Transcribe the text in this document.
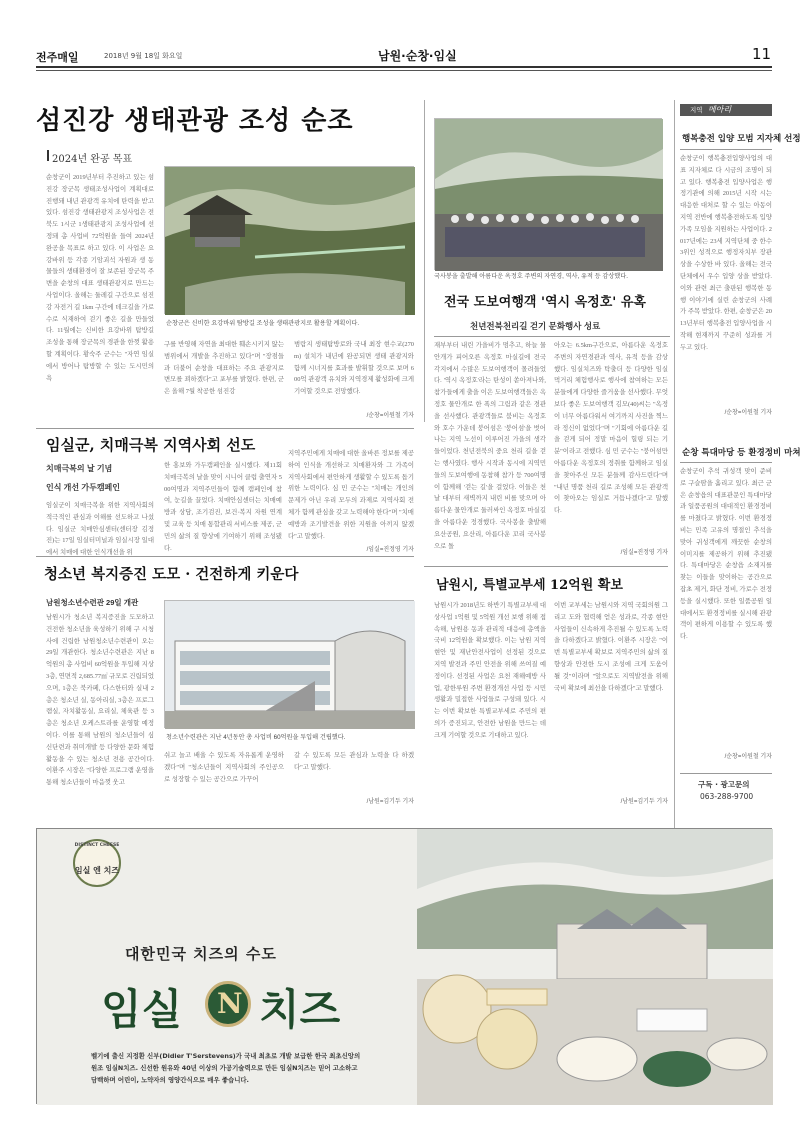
전주매일	2018년 9월 18일 화요일	남원·순창·임실	11
섬진강 생태관광 조성 순조
2024년 완공 목표
순창군이 2019년부터 추진하고 있는 섬진강 장군목 생태조성사업이 계획대로 진행돼 내년 관광객 유치에 탄력을 받고 있다. 섬진강 생태관광지 조성사업은 전북도 1시군 1생태관광지 조성사업에 선정돼 총 사업비 72억원을 들여 2024년 완공을 목표로 하고 있다. 이 사업은 요강바위 등 각종 기암괴석 자원과 생 동물들의 생태환경이 잘 보존된 장군목 주변을 순창의 대표 생태관광지로 만드는 사업이다. 올해는 둘레길 구간으로 섬진강 자전거 길 1km 구간에 데크길을 가로수로 식재하여 걷기 좋은 길을 만들었다. 11월에는 신비한 요강바위 탐방길 조성을 통해 장군목의 경관을 한껏 활용할 계획이다. 황숙주 군수는 "자연 임실에서 방어나 탐방할 수 있는 도시민의 욕
순창군은 신비한 요강바위 탐방길 조성을 생태관광지로 활용할 계획이다.
구를 반영해 자연을 최대한 훼손시키지 않는 범위에서 개발을 추진하고 있다"며 "장점들과 더불어 순창을 대표하는 주요 관광지로 변모를 꾀하겠다"고 포부를 밝혔다. 한편, 군은 올해 7월 착공한 섬진강
범람지 생태탐방로와 국내 최장 현수교(270m) 설치가 내년에 완공되면 생태 관광지와 함께 시너지를 효과를 발휘할 것으로 보며 600억 관광객 유치와 지역경제 활성화에 크게 기여할 것으로 전망했다.
/순창=이원철 기자
국사봉을 출발해 아름다운 옥정호 주변의 자연경, 역사, 유적 등 감상했다.
전국 도보여행객 '역시 옥정호' 유혹
천년전북천리길 걷기 문화행사 성료
재부부터 내린 가을비가 멈추고, 하늘 물안개가 피어오른 옥정호 마실길에 전국 각지에서 수많은 도보여행객이 몰려들었다. '역시 옥정호'라는 탄성이 쏟아져나와, 참가들에게 출을 이은 도보여행객들은 옥정호 물안개로 한 폭의 그림과 같은 경관을 선사했다. 관광객들로 붐비는 옥정호와 호수 가운데 붕어섬은 '붕어섬'을 벗어나는 지역 노선이 이루어진 가을의 생각들이었다. 천년전북의 중요 천리 길을 걷는 행사였다. 행사 시작과 동시에 지역민들의 도보여행에 동참해 참가 등 700여명이 함께해 '걷는 길'을 걸었다. 이들은 천 날 대부터 새벽까지 내린 비를 맞으며 아름다운 물안개로 둘러싸인 옥정호 마실길을 아름다운 정경했다. 국사봉을 출발해 요산공원, 요산리, 아름다운 꼬리 국사봉으로 돌
아오는 6.5km구간으로, 아름다운 옥정호 주변의 자연경관과 역사, 유적 등을 감상했다. 임실치즈와 탁출더 등 다양한 임실 먹거리 체험행사로 행사에 참여하는 모든 분들에게 다양한 즐거움을 선사했다. 무엇보다 좋은 도보여행객 김모(40)씨는 "옥정이 너무 아름다워서 여기까지 사진을 찍느라 정신이 없었다"며 "기회에 아름다운 길을 걷게 되어 정말 마음이 힐링 되는 기분"이라고 전했다. 심 민 군수는 "붕어섬만 아름다운 옥정호의 정취를 함께하고 임실을 찾아주신 모든 분들께 감사드린다"며 "내년 명품 천리 길로 조성해 모든 관광객이 찾아오는 임실로 거듭나겠다"고 말했다.
/임실=진정영 기자
지역 메아리
행복충전 입양 모범 지자체 선정
순창군이 행복충전입양사업의 대표 지자체로 다 시금의 조명이 되고 있다. 행복충전 입양사업은 행정기관에 의해 2015년 시작 시는 대응한 대처로 할 수 있는 아동이 지역 전반에 행복충전하도록 입양 가족 모임을 지원하는 사업이다. 2017년에는 23세 지역단체 중 한수 3위인 성적으로 행정자치부 장관상을 수상한 바 있다. 올해는 전국 단체에서 우수 입양 상을 받았다. 이와 관련 최근 출판된 행복한 동행 이야기에 실린 순창군의 사례가 주목 받았다. 한편, 순창군은 2013년부터 행복충전 입양사업을 시작해 현재까지 꾸준히 성과를 거두고 있다.
/순창=이원철 기자
순창 특대마당 등 환경정비 마쳐
순창군이 추석 귀성객 맞이 준비로 구슬땀을 흘리고 있다. 최근 군은 순창읍의 대표관문인 특대마당과 일품공원의 대대적인 환경정비를 마쳤다고 밝혔다. 이번 환경정비는 민족 고유의 명절인 추석을 맞아 귀성객에게 깨끗한 순창의 이미지를 제공하기 위해 추진됐다. 특대마당은 순창읍 소재지를 찾는 이들을 맞이하는 공간으로 잡초 제거, 화단 정비, 가로수 전정 등을 실시했다. 또한 일품공원 일대에서도 환경정비를 실시해 관광객이 편하게 이용할 수 있도록 했다.
/순창=이원철 기자
구독 · 광고문의
063-288-9700
임실군, 치매극복 지역사회 선도
치매극복의 날 기념
인식 개선 가두캠페인
임실군이 치매극복을 위한 지역사회의 적극적인 관심과 이해를 선도하고 나섰다. 임실군 치매안심센터(센터장 김정진)는 17일 임실터미널과 임실시장 일대에서 치매에 대한 인식개선을 위
한 홍보와 가두캠페인을 실시했다. 제11회 치매극복의 날을 맞이 시니어 클럽 출연자 500여명과 지역주민들이 함께 캠페인에 참여, 눈길을 끌었다. 치매안심센터는 치매예방과 상담, 조기검진, 보건·복지 자원 연계 및 교육 등 치매 통합관리 서비스를 제공, 군민의 삶의 질 향상에 기여하기 위해 조성됐다.
지역주민에게 치매에 대한 올바른 정보를 제공하여 인식을 개선하고 치매환자와 그 가족이 지역사회에서 편안하게 생활할 수 있도록 돕기 위한 노력이다. 심 민 군수는 "치매는 개인의 문제가 아닌 우리 모두의 과제로 지역사회 전체가 함께 관심을 갖고 노력해야 한다"며 "치매예방과 조기발견을 위한 지원을 아끼지 않겠다"고 말했다.
/임실=진정영 기자
청소년 복지증진 도모 · 건전하게 키운다
남원청소년수련관 29일 개관
남원시가 청소년 복지증진을 도모하고 건전한 청소년을 육성하기 위해 구 시청사에 건립한 남원청소년수련관이 오는 29일 개관한다. 청소년수련관은 지난 8억원의 총 사업비 60억원을 투입해 지상3층, 연면적 2,685.77㎡ 규모로 건립되었으며, 1층은 북카페, 다스한터와 실내 2층은 청소년 실, 동아리실, 3층은 프로그램실, 자치활동실, 요리실, 체육관 등 3층은 청소년 오케스트라를 운영할 예정이다. 이를 통해 남원의 청소년들이 심신단련과 취미개발 등 다양한 문화 체험 활동을 수 있는 청소년 전용 공간이다. 이환주 시장은 "다양한 프로그램 운영을 통해 청소년들이 마음껏 웃고
청소년수련관은 지난 4년동안 총 사업비 60억원을 투입해 건립했다.
쉬고 놀고 배울 수 있도록 자유롭게 운영하겠다"며 "청소년들이 지역사회의 주인공으로 성장할 수 있는 공간으로 가꾸어
갈 수 있도록 모든 관심과 노력을 다 하겠다"고 말했다.
/남원=김기두 기자
남원시, 특별교부세 12억원 확보
남원시가 2018년도 하반기 특별교부세 대상사업 1억원 및 5억원 개선 보행 위해 접속해, 남원용 동과 관리적 대응에 총액을 국비 12억원을 확보했다. 이는 남원 지역현안 및 재난안전사업이 선정된 것으로 지역 발전과 주민 안전을 위해 쓰여질 예정이다. 선정된 사업은 요천 재해예방 사업, 광한루원 주변 환경개선 사업 등 시민 생활과 밀접한 사업들로 구성돼 있다. 시는 이번 확보한 특별교부세로 주민의 편의가 증진되고, 안전한 남원을 만드는 데 크게 기여할 것으로 기대하고 있다.
이번 교부세는 남원시와 지역 국회의원 그리고 도와 협력해 얻은 성과로, 각종 현안 사업들이 신속하게 추진될 수 있도록 노력을 다하겠다고 밝혔다. 이환주 시장은 "이번 특별교부세 확보로 지역주민의 삶의 질 향상과 안전한 도시 조성에 크게 도움이 될 것"이라며 "앞으로도 지역발전을 위해 국비 확보에 최선을 다하겠다"고 말했다.
/남원=김기두 기자
DISTINCT CHEESE
임실 엔 치즈
대한민국 치즈의 수도
임실 N 치즈
벨기에 출신 지정환 신부(Didier T'Serstevens)가 국내 최초로 개발 보급한 한국 최초신앙의
원조 임실N치즈. 신선한 원유와 40년 이상의 가공기술력으로 만든 임실N치즈는 믿어 고소하고
담백하며 어린이, 노약자의 영양간식으로 매우 좋습니다.
